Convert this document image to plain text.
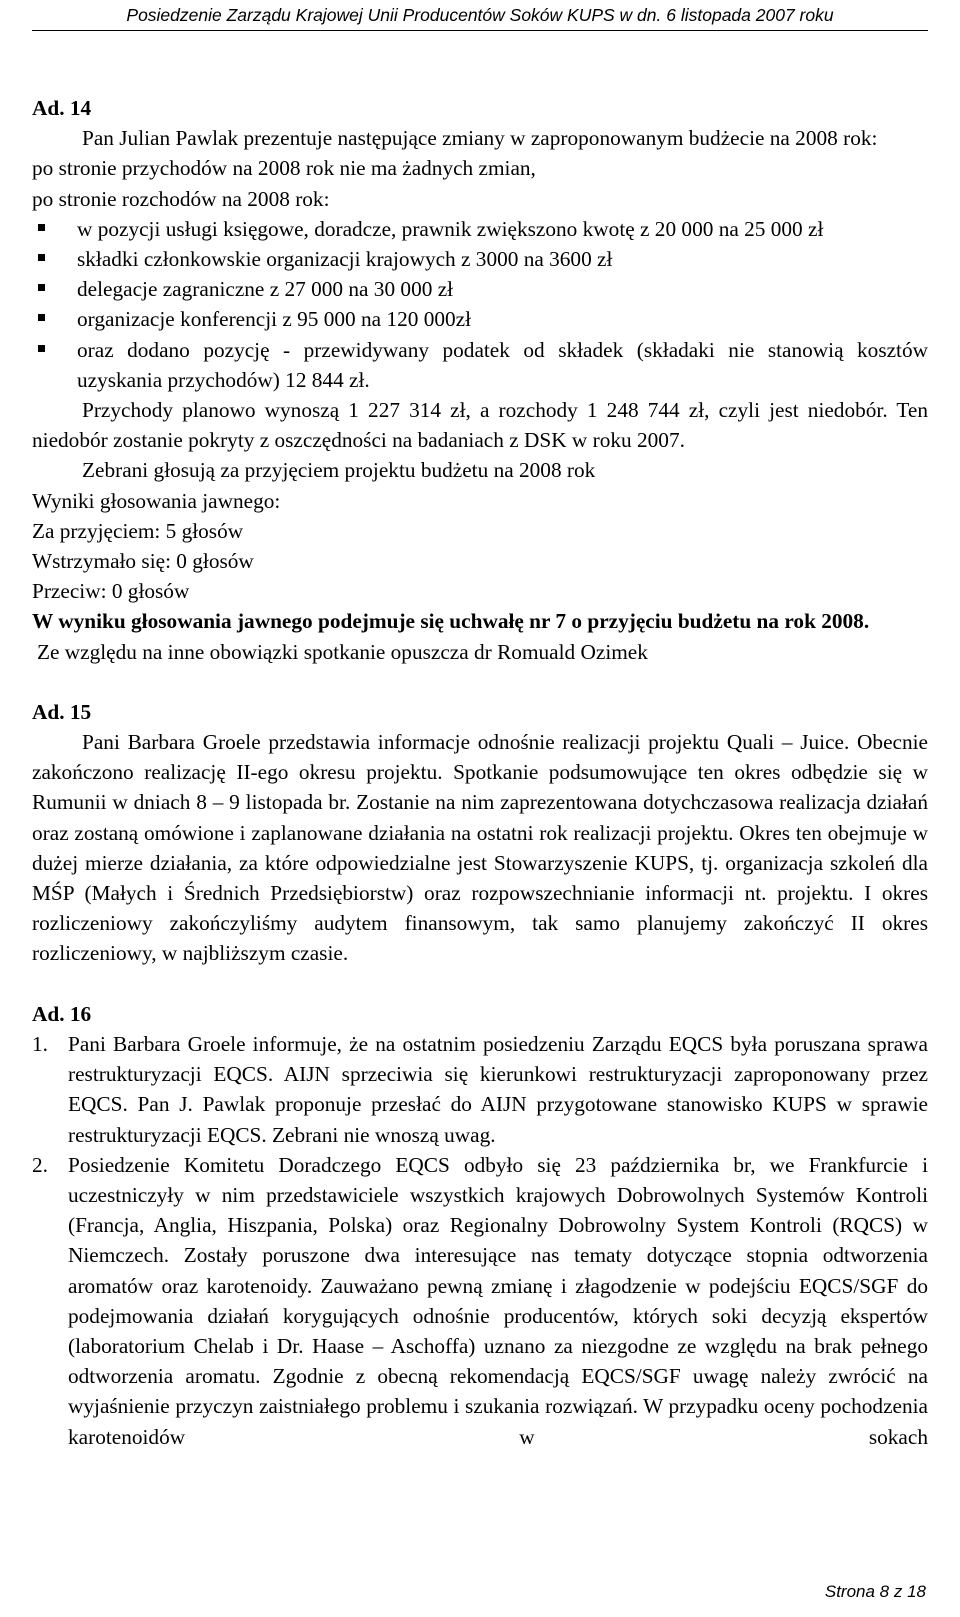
Posiedzenie Zarządu Krajowej Unii Producentów Soków KUPS w dn. 6 listopada 2007 roku

Ad. 14

Pan Julian Pawlak prezentuje następujące zmiany w zaproponowanym budżecie na 2008 rok:

po stronie przychodów na 2008 rok nie ma żadnych zmian,

po stronie rozchodów na 2008 rok:

w pozycji usługi księgowe, doradcze, prawnik zwiększono kwotę z 20 000 na 25 000 zł
składki członkowskie organizacji krajowych z 3000 na 3600 zł
delegacje zagraniczne z 27 000 na 30 000 zł
organizacje konferencji z 95 000 na 120 000zł
oraz dodano pozycję - przewidywany podatek od składek (składaki nie stanowią kosztów uzyskania przychodów) 12 844 zł.

Przychody planowo wynoszą 1 227 314 zł, a rozchody 1 248 744 zł, czyli jest niedobór. Ten niedobór zostanie pokryty z oszczędności na badaniach z DSK w roku 2007.

Zebrani głosują za przyjęciem projektu budżetu na 2008 rok

Wyniki głosowania jawnego:

Za przyjęciem: 5 głosów

Wstrzymało się: 0 głosów

Przeciw: 0 głosów

W wyniku głosowania jawnego podejmuje się uchwałę nr 7 o przyjęciu budżetu na rok 2008.

Ze względu na inne obowiązki spotkanie opuszcza dr Romuald Ozimek

Ad. 15

Pani Barbara Groele przedstawia informacje odnośnie realizacji projektu Quali – Juice. Obecnie zakończono realizację II-ego okresu projektu. Spotkanie podsumowujące ten okres odbędzie się w Rumunii w dniach 8 – 9 listopada br. Zostanie na nim zaprezentowana dotychczasowa realizacja działań oraz zostaną omówione i zaplanowane działania na ostatni rok realizacji projektu. Okres ten obejmuje w dużej mierze działania, za które odpowiedzialne jest Stowarzyszenie KUPS, tj. organizacja szkoleń dla MŚP (Małych i Średnich Przedsiębiorstw) oraz rozpowszechnianie informacji nt. projektu. I okres rozliczeniowy zakończyliśmy audytem finansowym, tak samo planujemy zakończyć II okres rozliczeniowy, w najbliższym czasie.

Ad. 16

1. Pani Barbara Groele informuje, że na ostatnim posiedzeniu Zarządu EQCS była poruszana sprawa restrukturyzacji EQCS. AIJN sprzeciwia się kierunkowi restrukturyzacji zaproponowany przez EQCS. Pan J. Pawlak proponuje przesłać do AIJN przygotowane stanowisko KUPS w sprawie restrukturyzacji EQCS. Zebrani nie wnoszą uwag.
2. Posiedzenie Komitetu Doradczego EQCS odbyło się 23 października br, we Frankfurcie i uczestniczyły w nim przedstawiciele wszystkich krajowych Dobrowolnych Systemów Kontroli (Francja, Anglia, Hiszpania, Polska) oraz Regionalny Dobrowolny System Kontroli (RQCS) w Niemczech. Zostały poruszone dwa interesujące nas tematy dotyczące stopnia odtworzenia aromatów oraz karotenoidy. Zauważano pewną zmianę i złagodzenie w podejściu EQCS/SGF do podejmowania działań korygujących odnośnie producentów, których soki decyzją ekspertów (laboratorium Chelab i Dr. Haase – Aschoffa) uznano za niezgodne ze względu na brak pełnego odtworzenia aromatu. Zgodnie z obecną rekomendacją EQCS/SGF uwagę należy zwrócić na wyjaśnienie przyczyn zaistniałego problemu i szukania rozwiązań. W przypadku oceny pochodzenia karotenoidów w sokach
Strona 8 z 18
